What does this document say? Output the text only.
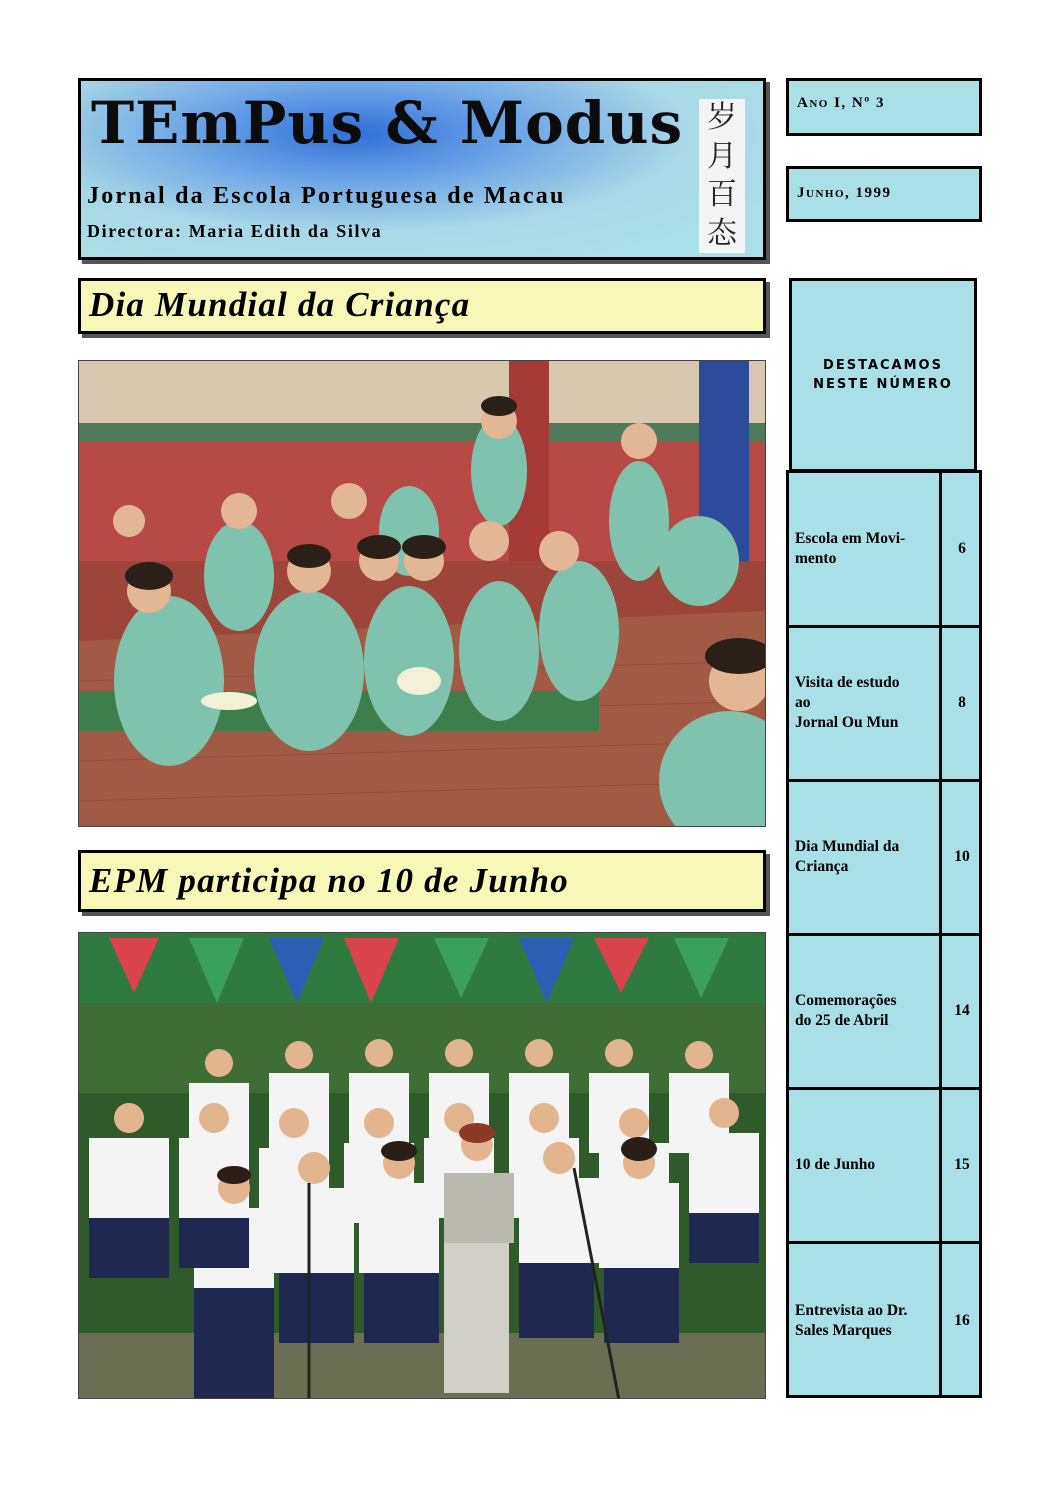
TEmPus & Modus
Jornal da Escola Portuguesa de Macau
Directora: Maria Edith da Silva
岁
月
百
态
ANO I, Nº 3
JUNHO, 1999
Dia Mundial da Criança
EPM participa no 10 de Junho
DESTACAMOS
NESTE NÚMERO
Escola em Movi-
mento
6
Visita de estudo
ao
Jornal Ou Mun
8
Dia Mundial da
Criança
10
Comemorações
do 25 de Abril
14
10 de Junho	15
Entrevista ao Dr.
Sales Marques
16
